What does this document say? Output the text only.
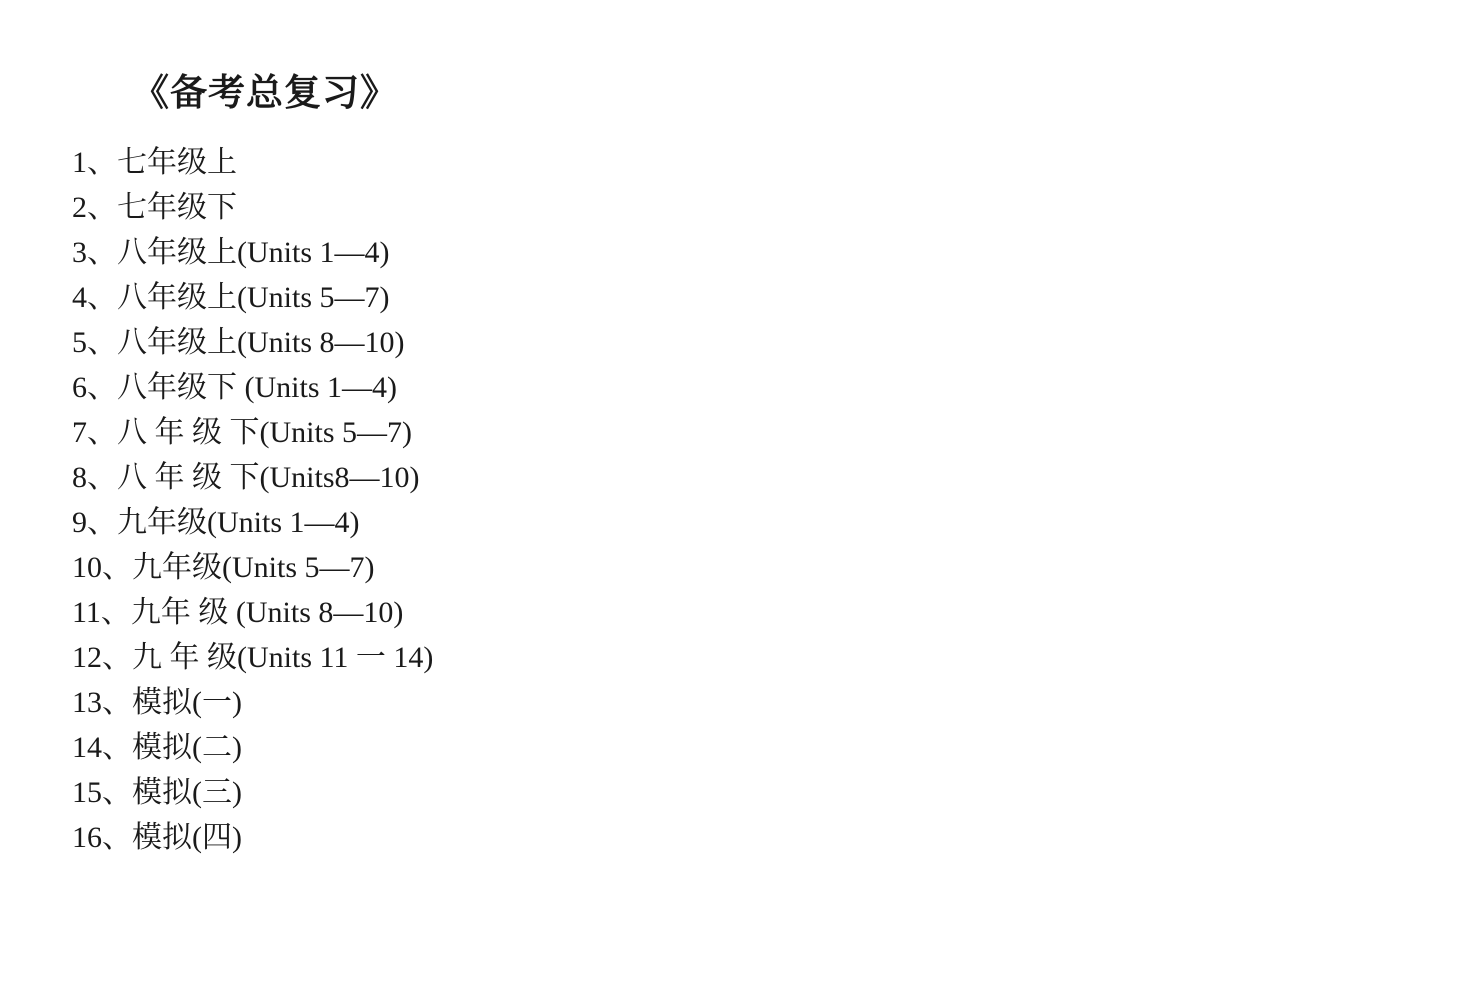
《备考总复习》
1、七年级上
2、七年级下
3、八年级上(Units 1—4)
4、八年级上(Units 5—7)
5、八年级上(Units 8—10)
6、八年级下 (Units 1—4)
7、八 年 级 下(Units 5—7)
8、八 年 级 下(Units8—10)
9、九年级(Units 1—4)
10、九年级(Units 5—7)
11、九年 级 (Units 8—10)
12、九 年 级(Units 11 一 14)
13、模拟(一)
14、模拟(二)
15、模拟(三)
16、模拟(四)
